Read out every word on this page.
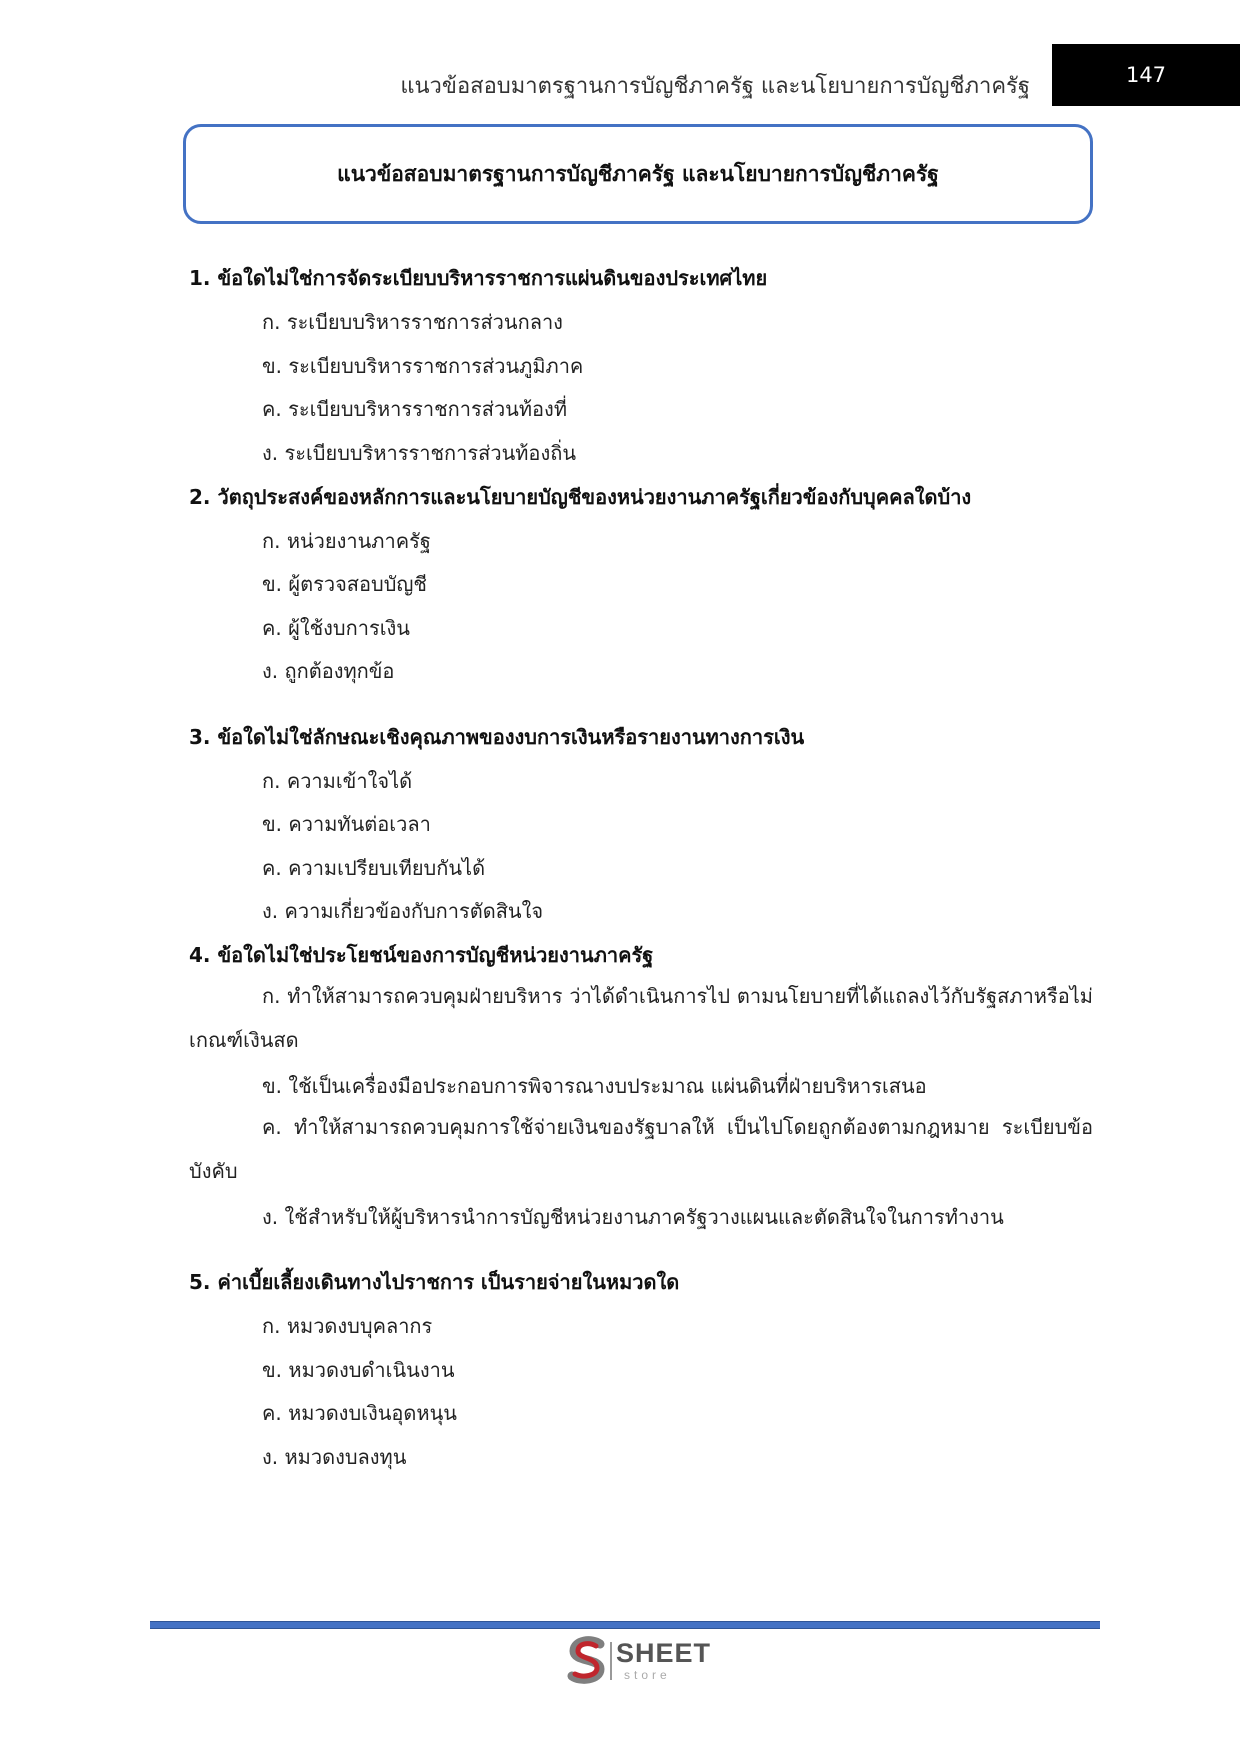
แนวข้อสอบมาตรฐานการบัญชีภาครัฐ และนโยบายการบัญชีภาครัฐ	147
แนวข้อสอบมาตรฐานการบัญชีภาครัฐ และนโยบายการบัญชีภาครัฐ
1. ข้อใดไม่ใช่การจัดระเบียบบริหารราชการแผ่นดินของประเทศไทย
ก. ระเบียบบริหารราชการส่วนกลาง
ข. ระเบียบบริหารราชการส่วนภูมิภาค
ค. ระเบียบบริหารราชการส่วนท้องที่
ง. ระเบียบบริหารราชการส่วนท้องถิ่น
2. วัตถุประสงค์ของหลักการและนโยบายบัญชีของหน่วยงานภาครัฐเกี่ยวข้องกับบุคคลใดบ้าง
ก. หน่วยงานภาครัฐ
ข. ผู้ตรวจสอบบัญชี
ค. ผู้ใช้งบการเงิน
ง. ถูกต้องทุกข้อ
3. ข้อใดไม่ใช่ลักษณะเชิงคุณภาพของงบการเงินหรือรายงานทางการเงิน
ก. ความเข้าใจได้
ข. ความทันต่อเวลา
ค. ความเปรียบเทียบกันได้
ง. ความเกี่ยวข้องกับการตัดสินใจ
4. ข้อใดไม่ใช่ประโยชน์ของการบัญชีหน่วยงานภาครัฐ
ก. ทำให้สามารถควบคุมฝ่ายบริหาร ว่าได้ดำเนินการไป ตามนโยบายที่ได้แถลงไว้กับรัฐสภาหรือไม่ เกณฑ์เงินสด
ข. ใช้เป็นเครื่องมือประกอบการพิจารณางบประมาณ แผ่นดินที่ฝ่ายบริหารเสนอ
ค. ทำให้สามารถควบคุมการใช้จ่ายเงินของรัฐบาลให้ เป็นไปโดยถูกต้องตามกฎหมาย ระเบียบข้อบังคับ
ง. ใช้สำหรับให้ผู้บริหารนำการบัญชีหน่วยงานภาครัฐวางแผนและตัดสินใจในการทำงาน
5. ค่าเบี้ยเลี้ยงเดินทางไปราชการ เป็นรายจ่ายในหมวดใด
ก. หมวดงบบุคลากร
ข. หมวดงบดำเนินงาน
ค. หมวดงบเงินอุดหนุน
ง. หมวดงบลงทุน
SHEET
store
